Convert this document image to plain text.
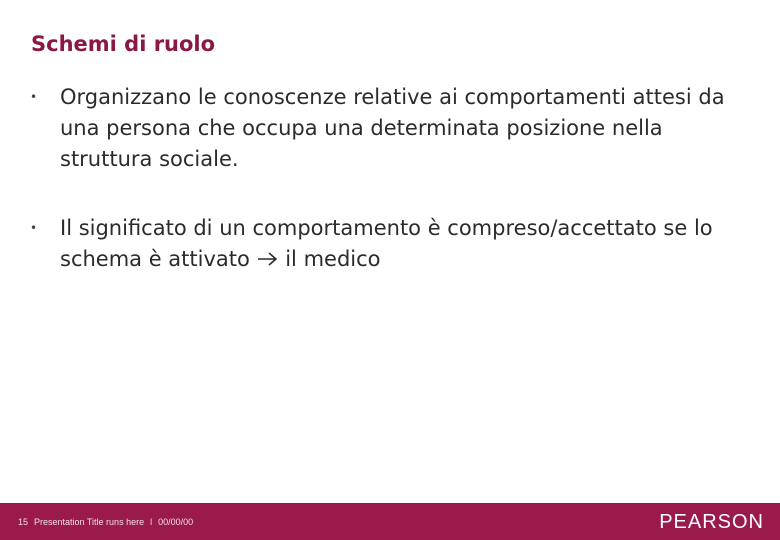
Schemi di ruolo
• Organizzano le conoscenze relative ai comportamenti attesi da una persona che occupa una determinata posizione nella struttura sociale.
• Il significato di un comportamento è compreso/accettato se lo schema è attivato  il medico
15 Presentation Title runs here l 00/00/00	PEARSON
